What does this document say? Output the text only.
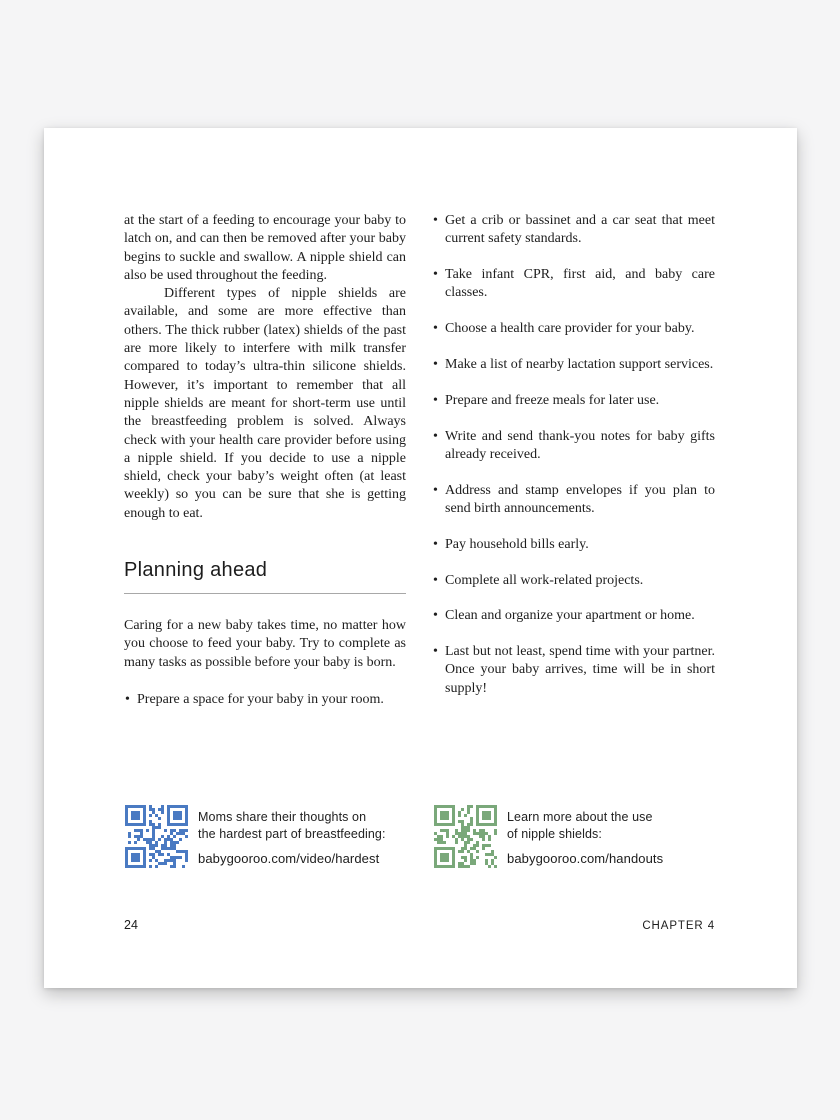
at the start of a feeding to encourage your baby to latch on, and can then be removed after your baby begins to suckle and swallow. A nipple shield can also be used throughout the feeding.

Different types of nipple shields are available, and some are more effective than others. The thick rubber (latex) shields of the past are more likely to interfere with milk transfer compared to today’s ultra-thin silicone shields. However, it’s important to remember that all nipple shields are meant for short-term use until the breastfeeding problem is solved. Always check with your health care provider before using a nipple shield. If you decide to use a nipple shield, check your baby’s weight often (at least weekly) so you can be sure that she is getting enough to eat.

Planning ahead

Caring for a new baby takes time, no matter how you choose to feed your baby. Try to complete as many tasks as possible before your baby is born.

• Prepare a space for your baby in your room.
• Get a crib or bassinet and a car seat that meet current safety standards.
• Take infant CPR, first aid, and baby care classes.
• Choose a health care provider for your baby.
• Make a list of nearby lactation support services.
• Prepare and freeze meals for later use.
• Write and send thank-you notes for baby gifts already received.
• Address and stamp envelopes if you plan to send birth announcements.
• Pay household bills early.
• Complete all work-related projects.
• Clean and organize your apartment or home.
• Last but not least, spend time with your partner. Once your baby arrives, time will be in short supply!
Moms share their thoughts on
the hardest part of breastfeeding:
babygooroo.com/video/hardest
Learn more about the use
of nipple shields:
babygooroo.com/handouts
24	CHAPTER 4
